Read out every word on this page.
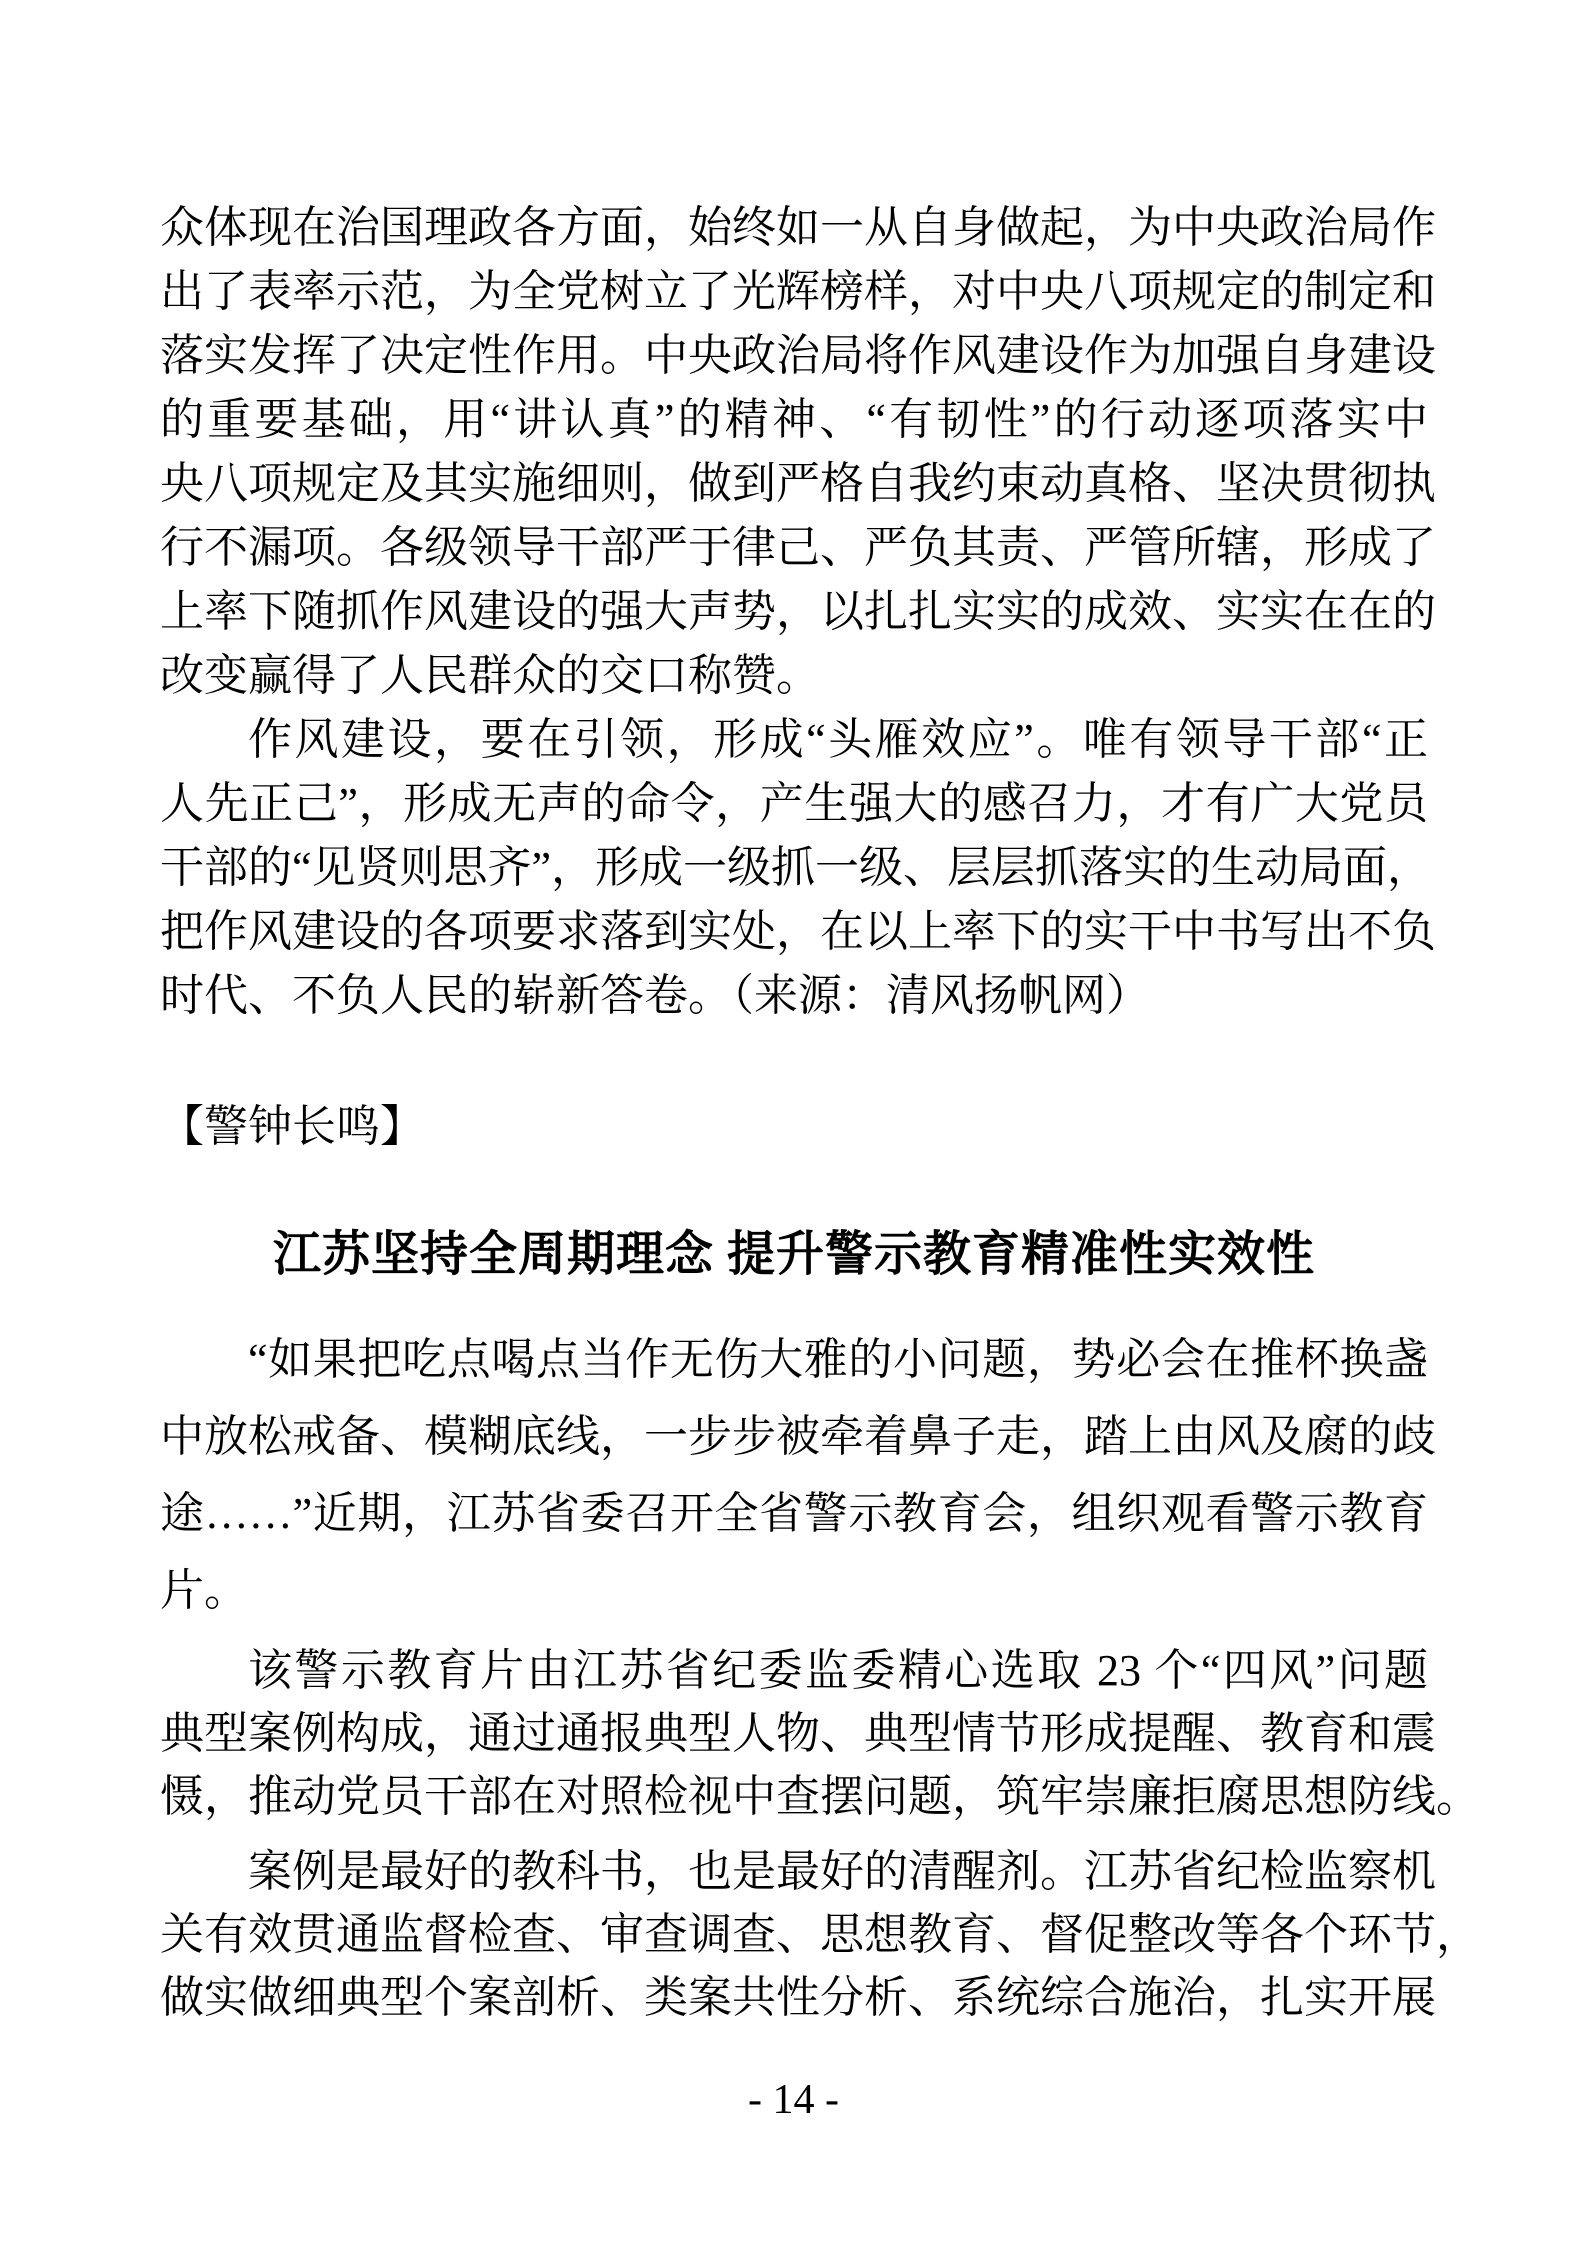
众体现在治国理政各方面，始终如一从自身做起，为中央政治局作
出了表率示范，为全党树立了光辉榜样，对中央八项规定的制定和
落实发挥了决定性作用。中央政治局将作风建设作为加强自身建设
的重要基础，用“讲认真”的精神、“有韧性”的行动逐项落实中
央八项规定及其实施细则，做到严格自我约束动真格、坚决贯彻执
行不漏项。各级领导干部严于律己、严负其责、严管所辖，形成了
上率下随抓作风建设的强大声势，以扎扎实实的成效、实实在在的
改变赢得了人民群众的交口称赞。
作风建设，要在引领，形成“头雁效应”。唯有领导干部“正
人先正己”，形成无声的命令，产生强大的感召力，才有广大党员
干部的“见贤则思齐”，形成一级抓一级、层层抓落实的生动局面，
把作风建设的各项要求落到实处，在以上率下的实干中书写出不负
时代、不负人民的崭新答卷。（来源：清风扬帆网）
【警钟长鸣】
江苏坚持全周期理念 提升警示教育精准性实效性
“如果把吃点喝点当作无伤大雅的小问题，势必会在推杯换盏
中放松戒备、模糊底线，一步步被牵着鼻子走，踏上由风及腐的歧
途……”近期，江苏省委召开全省警示教育会，组织观看警示教育
片。
该警示教育片由江苏省纪委监委精心选取 23 个“四风”问题
典型案例构成，通过通报典型人物、典型情节形成提醒、教育和震
慑，推动党员干部在对照检视中查摆问题，筑牢崇廉拒腐思想防线。
案例是最好的教科书，也是最好的清醒剂。江苏省纪检监察机
关有效贯通监督检查、审查调查、思想教育、督促整改等各个环节，
做实做细典型个案剖析、类案共性分析、系统综合施治，扎实开展
- 14 -
